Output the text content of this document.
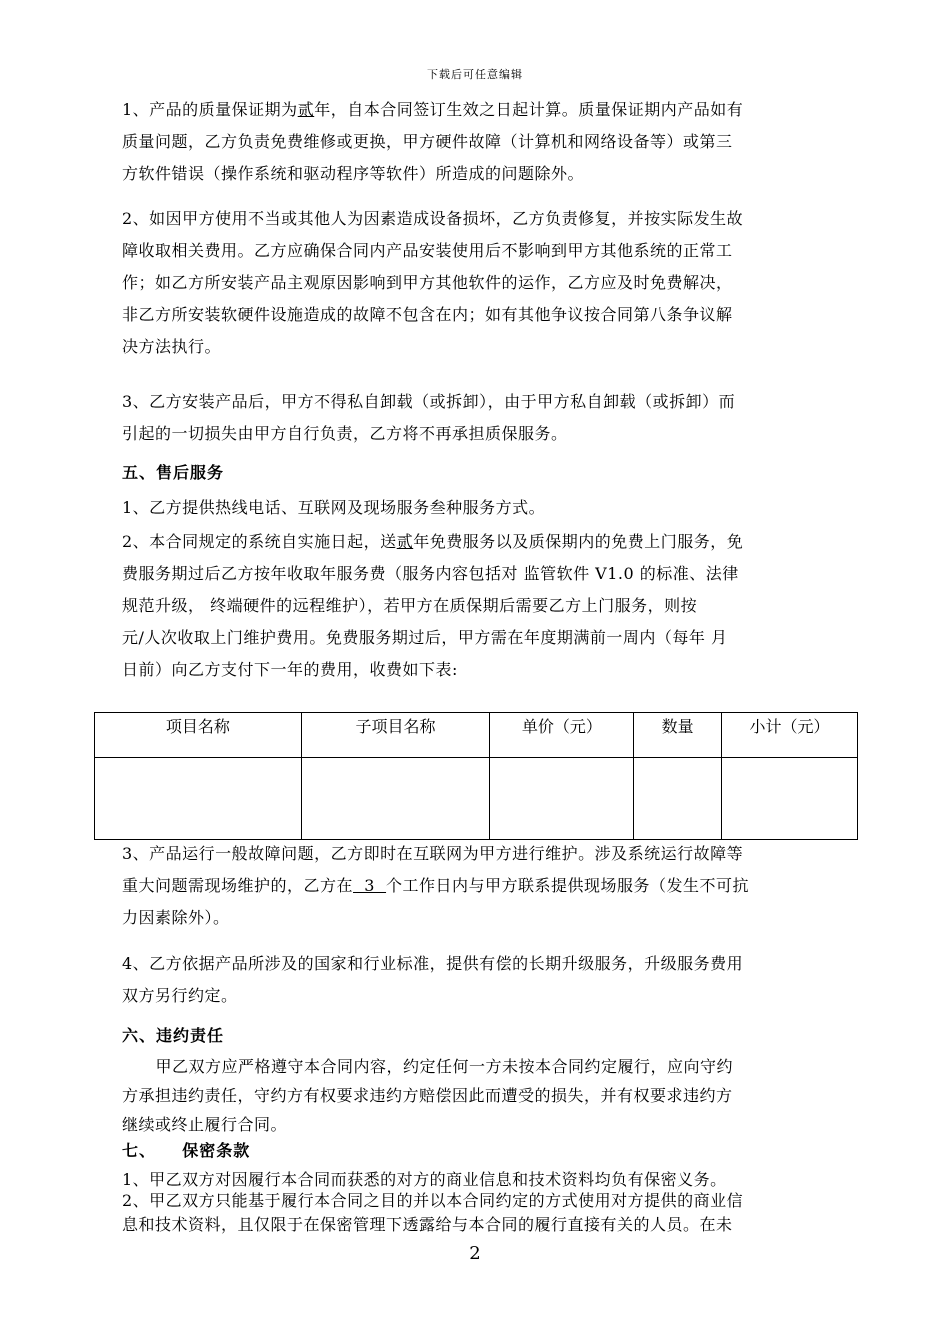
下载后可任意编辑
1、产品的质量保证期为贰年，自本合同签订生效之日起计算。质量保证期内产品如有
质量问题，乙方负责免费维修或更换，甲方硬件故障（计算机和网络设备等）或第三
方软件错误（操作系统和驱动程序等软件）所造成的问题除外。
2、如因甲方使用不当或其他人为因素造成设备损坏，乙方负责修复，并按实际发生故
障收取相关费用。乙方应确保合同内产品安装使用后不影响到甲方其他系统的正常工
作；如乙方所安装产品主观原因影响到甲方其他软件的运作，乙方应及时免费解决，
非乙方所安装软硬件设施造成的故障不包含在内；如有其他争议按合同第八条争议解
决方法执行。
3、乙方安装产品后，甲方不得私自卸载（或拆卸），由于甲方私自卸载（或拆卸）而
引起的一切损失由甲方自行负责，乙方将不再承担质保服务。
五、售后服务
1、乙方提供热线电话、互联网及现场服务叁种服务方式。
2、本合同规定的系统自实施日起，送贰年免费服务以及质保期内的免费上门服务，免
费服务期过后乙方按年收取年服务费（服务内容包括对 监管软件 V1.0 的标准、法律
规范升级， 终端硬件的远程维护），若甲方在质保期后需要乙方上门服务，则按
元/人次收取上门维护费用。免费服务期过后，甲方需在年度期满前一周内（每年 月
日前）向乙方支付下一年的费用，收费如下表:
项目名称	子项目名称	单价（元）	数量	小计（元）

3、产品运行一般故障问题，乙方即时在互联网为甲方进行维护。涉及系统运行故障等
重大问题需现场维护的，乙方在  3  个工作日内与甲方联系提供现场服务（发生不可抗
力因素除外）。
4、乙方依据产品所涉及的国家和行业标准，提供有偿的长期升级服务，升级服务费用
双方另行约定。
六、违约责任
甲乙双方应严格遵守本合同内容，约定任何一方未按本合同约定履行，应向守约
方承担违约责任，守约方有权要求违约方赔偿因此而遭受的损失，并有权要求违约方
继续或终止履行合同。
七、    保密条款
1、甲乙双方对因履行本合同而获悉的对方的商业信息和技术资料均负有保密义务。
2、甲乙双方只能基于履行本合同之目的并以本合同约定的方式使用对方提供的商业信
息和技术资料，且仅限于在保密管理下透露给与本合同的履行直接有关的人员。在未
2
